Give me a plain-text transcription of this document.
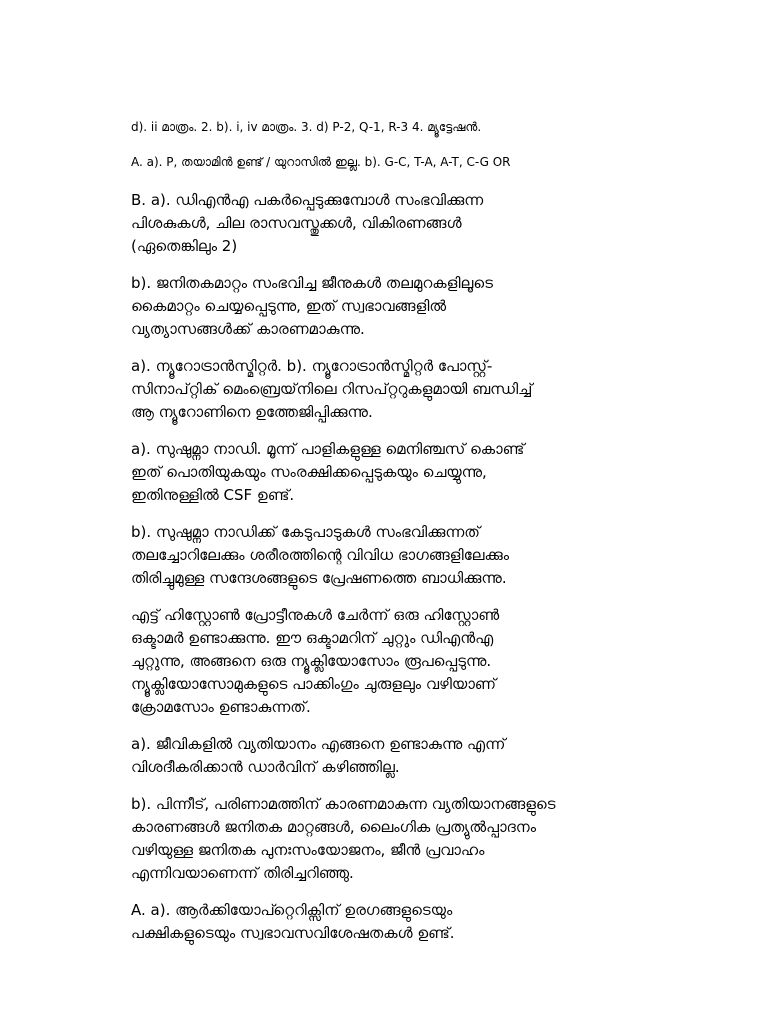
d). ii മാത്രം. 2. b). i, iv മാത്രം. 3. d) P-2, Q-1, R-3 4. മ്യൂട്ടേഷൻ.

A. a). P, തയാമിൻ ഉണ്ട് / യുറാസിൽ ഇല്ല. b). G-C, T-A, A-T, C-G OR

B. a). ഡിഎൻഎ പകർപ്പെടുക്കുമ്പോൾ സംഭവിക്കുന്ന
പിശകുകൾ, ചില രാസവസ്തുക്കൾ, വികിരണങ്ങൾ
(ഏതെങ്കിലും 2)

b). ജനിതകമാറ്റം സംഭവിച്ച ജീനുകൾ തലമുറകളിലൂടെ
കൈമാറ്റം ചെയ്യപ്പെടുന്നു, ഇത് സ്വഭാവങ്ങളിൽ
വ്യത്യാസങ്ങൾക്ക് കാരണമാകുന്നു.

a). ന്യൂറോട്രാൻസ്മിറ്റർ. b). ന്യൂറോട്രാൻസ്മിറ്റർ പോസ്റ്റ്-
സിനാപ്റ്റിക് മെംബ്രെയ്‌നിലെ റിസപ്റ്ററുകളുമായി ബന്ധിച്ച്
ആ ന്യൂറോണിനെ ഉത്തേജിപ്പിക്കുന്നു.

a). സുഷുമ്നാ നാഡി. മൂന്ന് പാളികളുള്ള മെനിഞ്ചസ് കൊണ്ട്
ഇത് പൊതിയുകയും സംരക്ഷിക്കപ്പെടുകയും ചെയ്യുന്നു,
ഇതിനുള്ളിൽ CSF ഉണ്ട്.

b). സുഷുമ്നാ നാഡിക്ക് കേടുപാടുകൾ സംഭവിക്കുന്നത്
തലച്ചോറിലേക്കും ശരീരത്തിന്റെ വിവിധ ഭാഗങ്ങളിലേക്കും
തിരിച്ചുമുള്ള സന്ദേശങ്ങളുടെ പ്രേഷണത്തെ ബാധിക്കുന്നു.

എട്ട് ഹിസ്റ്റോൺ പ്രോട്ടീനുകൾ ചേർന്ന് ഒരു ഹിസ്റ്റോൺ
ഒക്ടാമർ ഉണ്ടാക്കുന്നു. ഈ ഒക്ടാമറിന് ചുറ്റും ഡിഎൻഎ
ചുറ്റുന്നു, അങ്ങനെ ഒരു ന്യൂക്ലിയോസോം രൂപപ്പെടുന്നു.
ന്യൂക്ലിയോസോമുകളുടെ പാക്കിംഗും ചുരുളലും വഴിയാണ്
ക്രോമസോം ഉണ്ടാകുന്നത്.

a). ജീവികളിൽ വ്യതിയാനം എങ്ങനെ ഉണ്ടാകുന്നു എന്ന്
വിശദീകരിക്കാൻ ഡാർവിന് കഴിഞ്ഞില്ല.

b). പിന്നീട്, പരിണാമത്തിന് കാരണമാകുന്ന വ്യതിയാനങ്ങളുടെ
കാരണങ്ങൾ ജനിതക മാറ്റങ്ങൾ, ലൈംഗിക പ്രത്യുൽപ്പാദനം
വഴിയുള്ള ജനിതക പുനഃസംയോജനം, ജീൻ പ്രവാഹം
എന്നിവയാണെന്ന് തിരിച്ചറിഞ്ഞു.

A. a). ആർക്കിയോപ്റ്റെറിക്സിന് ഉരഗങ്ങളുടെയും
പക്ഷികളുടെയും സ്വഭാവസവിശേഷതകൾ ഉണ്ട്.
